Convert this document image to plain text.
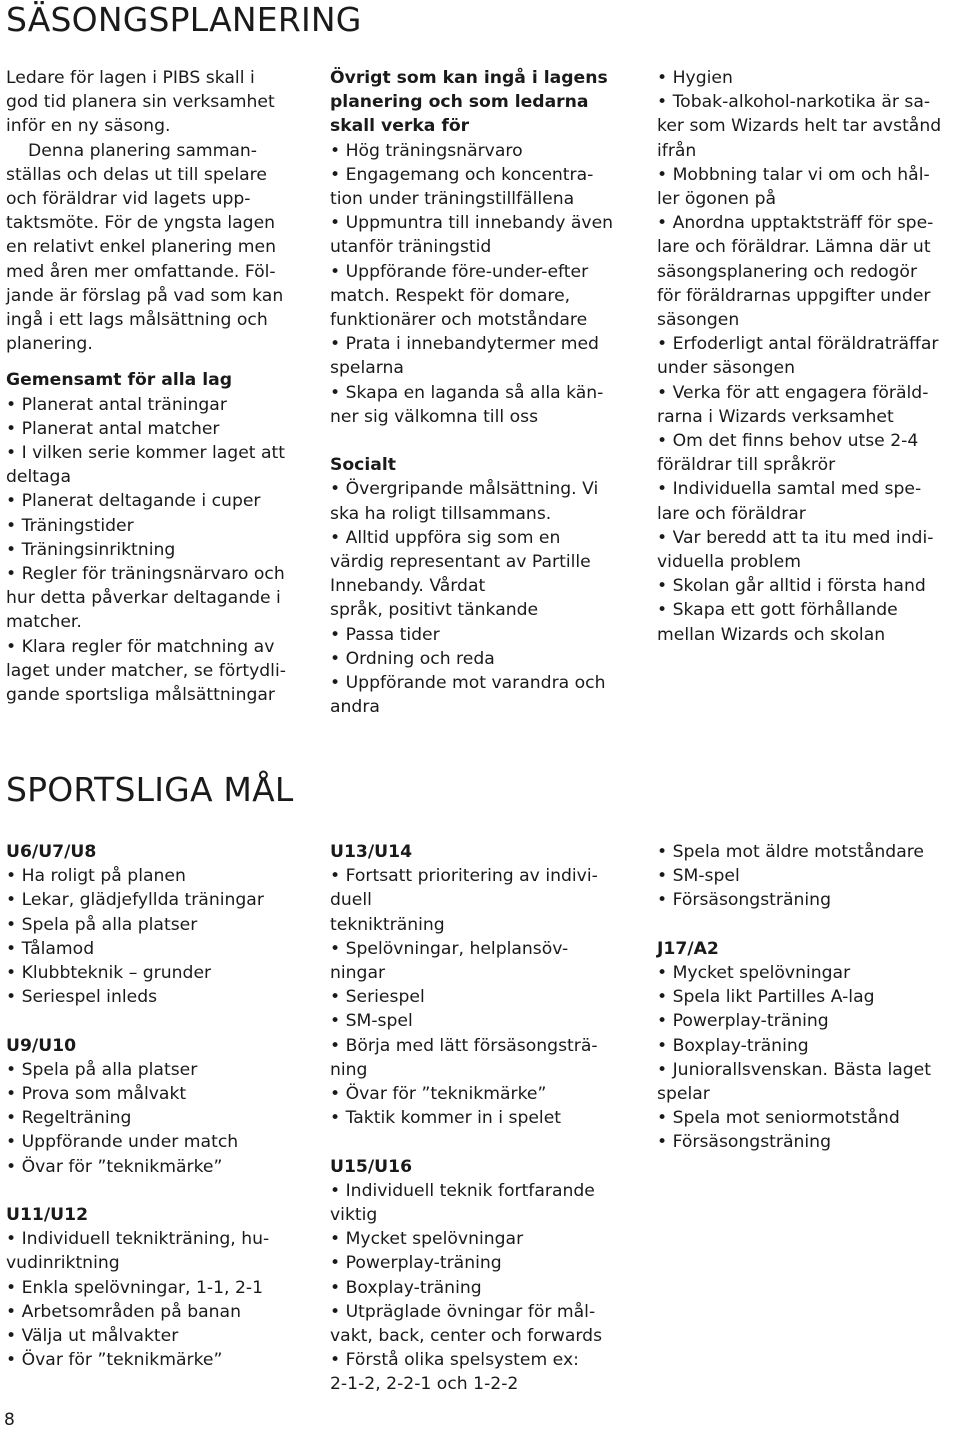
SÄSONGSPLANERING

Ledare för lagen i PIBS skall i

god tid planera sin verksamhet

inför en ny säsong.

Denna planering samman-

ställas och delas ut till spelare

och föräldrar vid lagets upp-

taktsmöte. För de yngsta lagen

en relativt enkel planering men

med åren mer omfattande. Föl-

jande är förslag på vad som kan

ingå i ett lags målsättning och

planering.

Gemensamt för alla lag

• Planerat antal träningar

• Planerat antal matcher

• I vilken serie kommer laget att

deltaga

• Planerat deltagande i cuper

• Träningstider

• Träningsinriktning

• Regler för träningsnärvaro och

hur detta påverkar deltagande i

matcher.

• Klara regler för matchning av

laget under matcher, se förtydli-

gande sportsliga målsättningar

Övrigt som kan ingå i lagens

planering och som ledarna

skall verka för

• Hög träningsnärvaro

• Engagemang och koncentra-

tion under träningstillfällena

• Uppmuntra till innebandy även

utanför träningstid

• Uppförande före-under-efter

match. Respekt för domare,

funktionärer och motståndare

• Prata i innebandytermer med

spelarna

• Skapa en laganda så alla kän-

ner sig välkomna till oss

Socialt

• Övergripande målsättning. Vi

ska ha roligt tillsammans.

• Alltid uppföra sig som en

värdig representant av Partille

Innebandy. Vårdat

språk, positivt tänkande

• Passa tider

• Ordning och reda

• Uppförande mot varandra och

andra

• Hygien

• Tobak-alkohol-narkotika är sa-

ker som Wizards helt tar avstånd

ifrån

• Mobbning talar vi om och hål-

ler ögonen på

• Anordna upptaktsträff för spe-

lare och föräldrar. Lämna där ut

säsongsplanering och redogör

för föräldrarnas uppgifter under

säsongen

• Erfoderligt antal föräldraträffar

under säsongen

• Verka för att engagera föräld-

rarna i Wizards verksamhet

• Om det finns behov utse 2-4

föräldrar till språkrör

• Individuella samtal med spe-

lare och föräldrar

• Var beredd att ta itu med indi-

viduella problem

• Skolan går alltid i första hand

• Skapa ett gott förhållande

mellan Wizards och skolan

SPORTSLIGA MÅL

U6/U7/U8

• Ha roligt på planen

• Lekar, glädjefyllda träningar

• Spela på alla platser

• Tålamod

• Klubbteknik – grunder

• Seriespel inleds

U9/U10

• Spela på alla platser

• Prova som målvakt

• Regelträning

• Uppförande under match

• Övar för ”teknikmärke”

U11/U12

• Individuell teknikträning, hu-

vudinriktning

• Enkla spelövningar, 1-1, 2-1

• Arbetsområden på banan

• Välja ut målvakter

• Övar för ”teknikmärke”

U13/U14

• Fortsatt prioritering av indivi-

duell

teknikträning

• Spelövningar, helplansöv-

ningar

• Seriespel

• SM-spel

• Börja med lätt försäsongsträ-

ning

• Övar för ”teknikmärke”

• Taktik kommer in i spelet

U15/U16

• Individuell teknik fortfarande

viktig

• Mycket spelövningar

• Powerplay-träning

• Boxplay-träning

• Utpräglade övningar för mål-

vakt, back, center och forwards

• Förstå olika spelsystem ex:

2-1-2, 2-2-1 och 1-2-2

• Spela mot äldre motståndare

• SM-spel

• Försäsongsträning

J17/A2

• Mycket spelövningar

• Spela likt Partilles A-lag

• Powerplay-träning

• Boxplay-träning

• Juniorallsvenskan. Bästa laget

spelar

• Spela mot seniormotstånd

• Försäsongsträning

8
